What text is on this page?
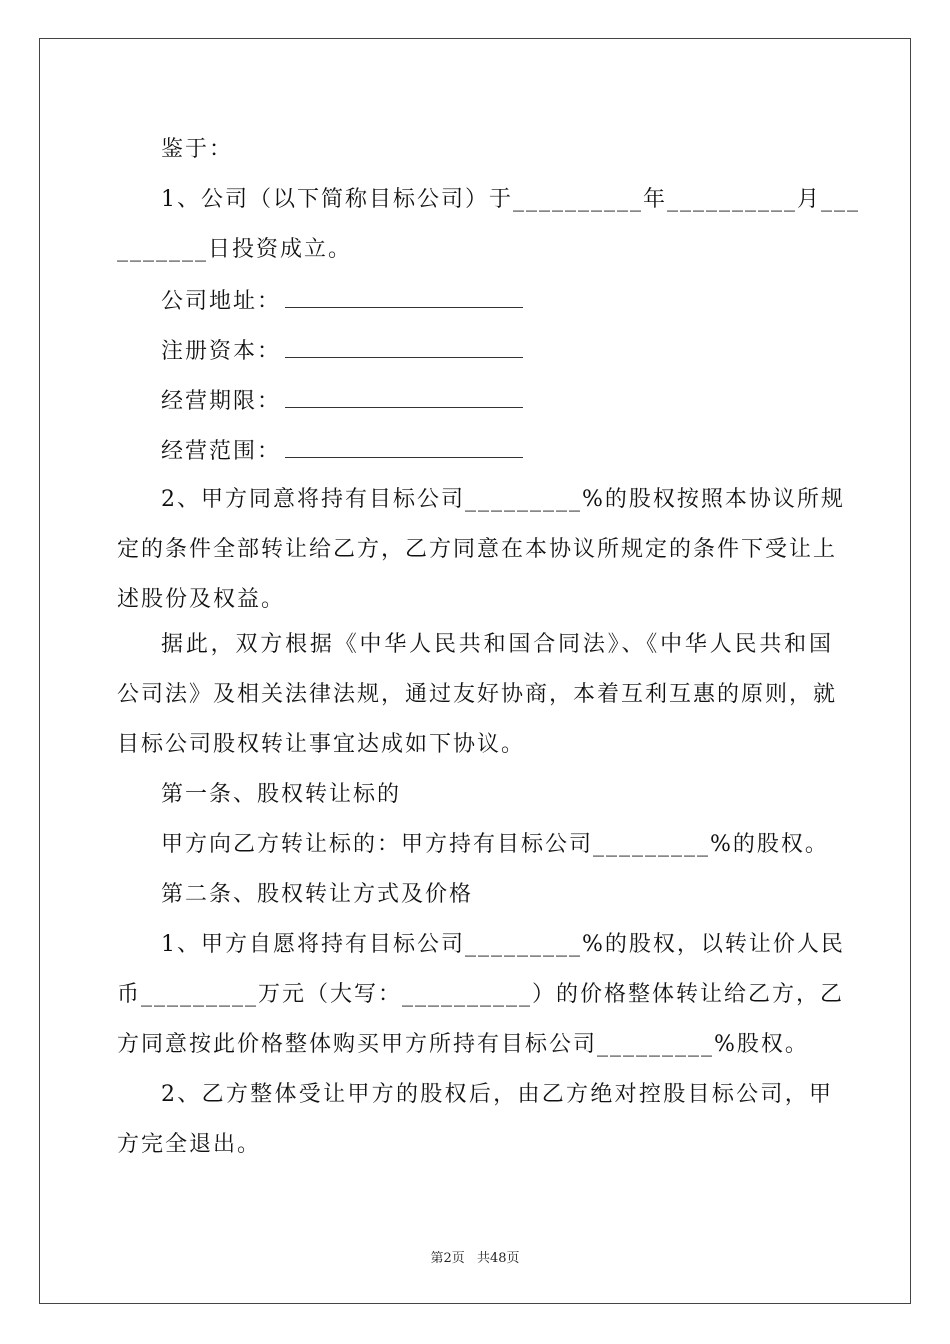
鉴于：
1、公司（以下简称目标公司）于__________年__________月___
_______日投资成立。
公司地址：
注册资本：
经营期限：
经营范围：
2、甲方同意将持有目标公司_________%的股权按照本协议所规
定的条件全部转让给乙方，乙方同意在本协议所规定的条件下受让上
述股份及权益。
据此，双方根据《中华人民共和国合同法》、《中华人民共和国
公司法》及相关法律法规，通过友好协商，本着互利互惠的原则，就
目标公司股权转让事宜达成如下协议。
第一条、股权转让标的
甲方向乙方转让标的：甲方持有目标公司_________%的股权。
第二条、股权转让方式及价格
1、甲方自愿将持有目标公司_________%的股权，以转让价人民
币_________万元（大写：__________）的价格整体转让给乙方，乙
方同意按此价格整体购买甲方所持有目标公司_________%股权。
2、乙方整体受让甲方的股权后，由乙方绝对控股目标公司，甲
方完全退出。
第2页 共48页
